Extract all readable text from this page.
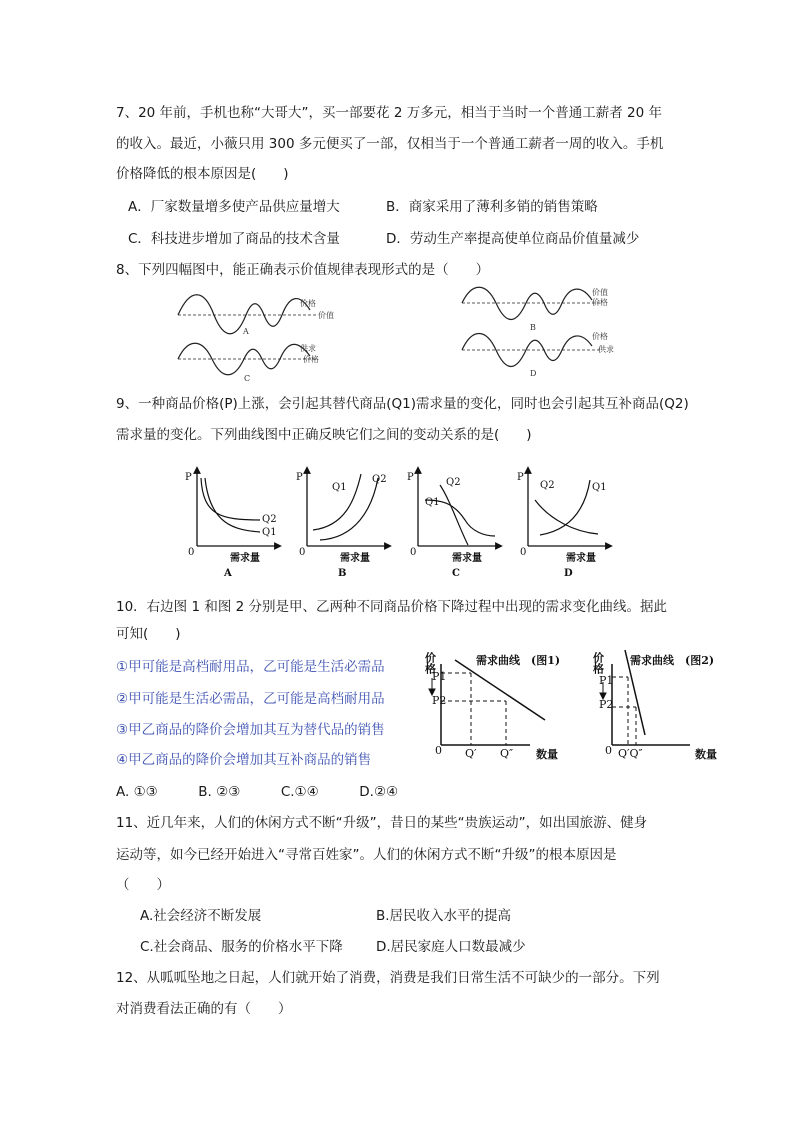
7、20 年前，手机也称“大哥大”，买一部要花 2 万多元，相当于当时一个普通工薪者 20 年
的收入。最近，小薇只用 300 多元便买了一部，仅相当于一个普通工薪者一周的收入。手机
价格降低的根本原因是(　　)
A．厂家数量增多使产品供应量增大	B．商家采用了薄利多销的销售策略
C．科技进步增加了商品的技术含量	D．劳动生产率提高使单位商品价值量减少
8、下列四幅图中，能正确表示价值规律表现形式的是（　　）
价格
价值
A
价值
价格
B
供求
价格
C
价格
供求
D
9、一种商品价格(P)上涨，会引起其替代商品(Q1)需求量的变化，同时也会引起其互补商品(Q2)
需求量的变化。下列曲线图中正确反映它们之间的变动关系的是(　　)
P
0
需求量
Q2
Q1
A
P
0
需求量
Q1
Q2
B
P
0
需求量
Q2
Q1
C
P
0
需求量
Q2	Q1
D
10．右边图 1 和图 2 分别是甲、乙两种不同商品价格下降过程中出现的需求变化曲线。据此
可知(　　)
①甲可能是高档耐用品，乙可能是生活必需品
②甲可能是生活必需品，乙可能是高档耐用品
③甲乙商品的降价会增加其互为替代品的销售
④甲乙商品的降价会增加其互补商品的销售
A. ①③　　　B. ②③　　　C.①④　　　D.②④
价格	需求曲线　(图1)
P1
P2
0 Q′ Q″ 数量
价格 需求曲线　(图2)
P1
P2
0 Q′Q″	数量
11、近几年来，人们的休闲方式不断“升级”，昔日的某些“贵族运动”，如出国旅游、健身
运动等，如今已经开始进入“寻常百姓家”。人们的休闲方式不断“升级”的根本原因是
（　　）
A.社会经济不断发展	B.居民收入水平的提高
C.社会商品、服务的价格水平下降 D.居民家庭人口数最减少
12、从呱呱坠地之日起，人们就开始了消费，消费是我们日常生活不可缺少的一部分。下列
对消费看法正确的有（　　）
